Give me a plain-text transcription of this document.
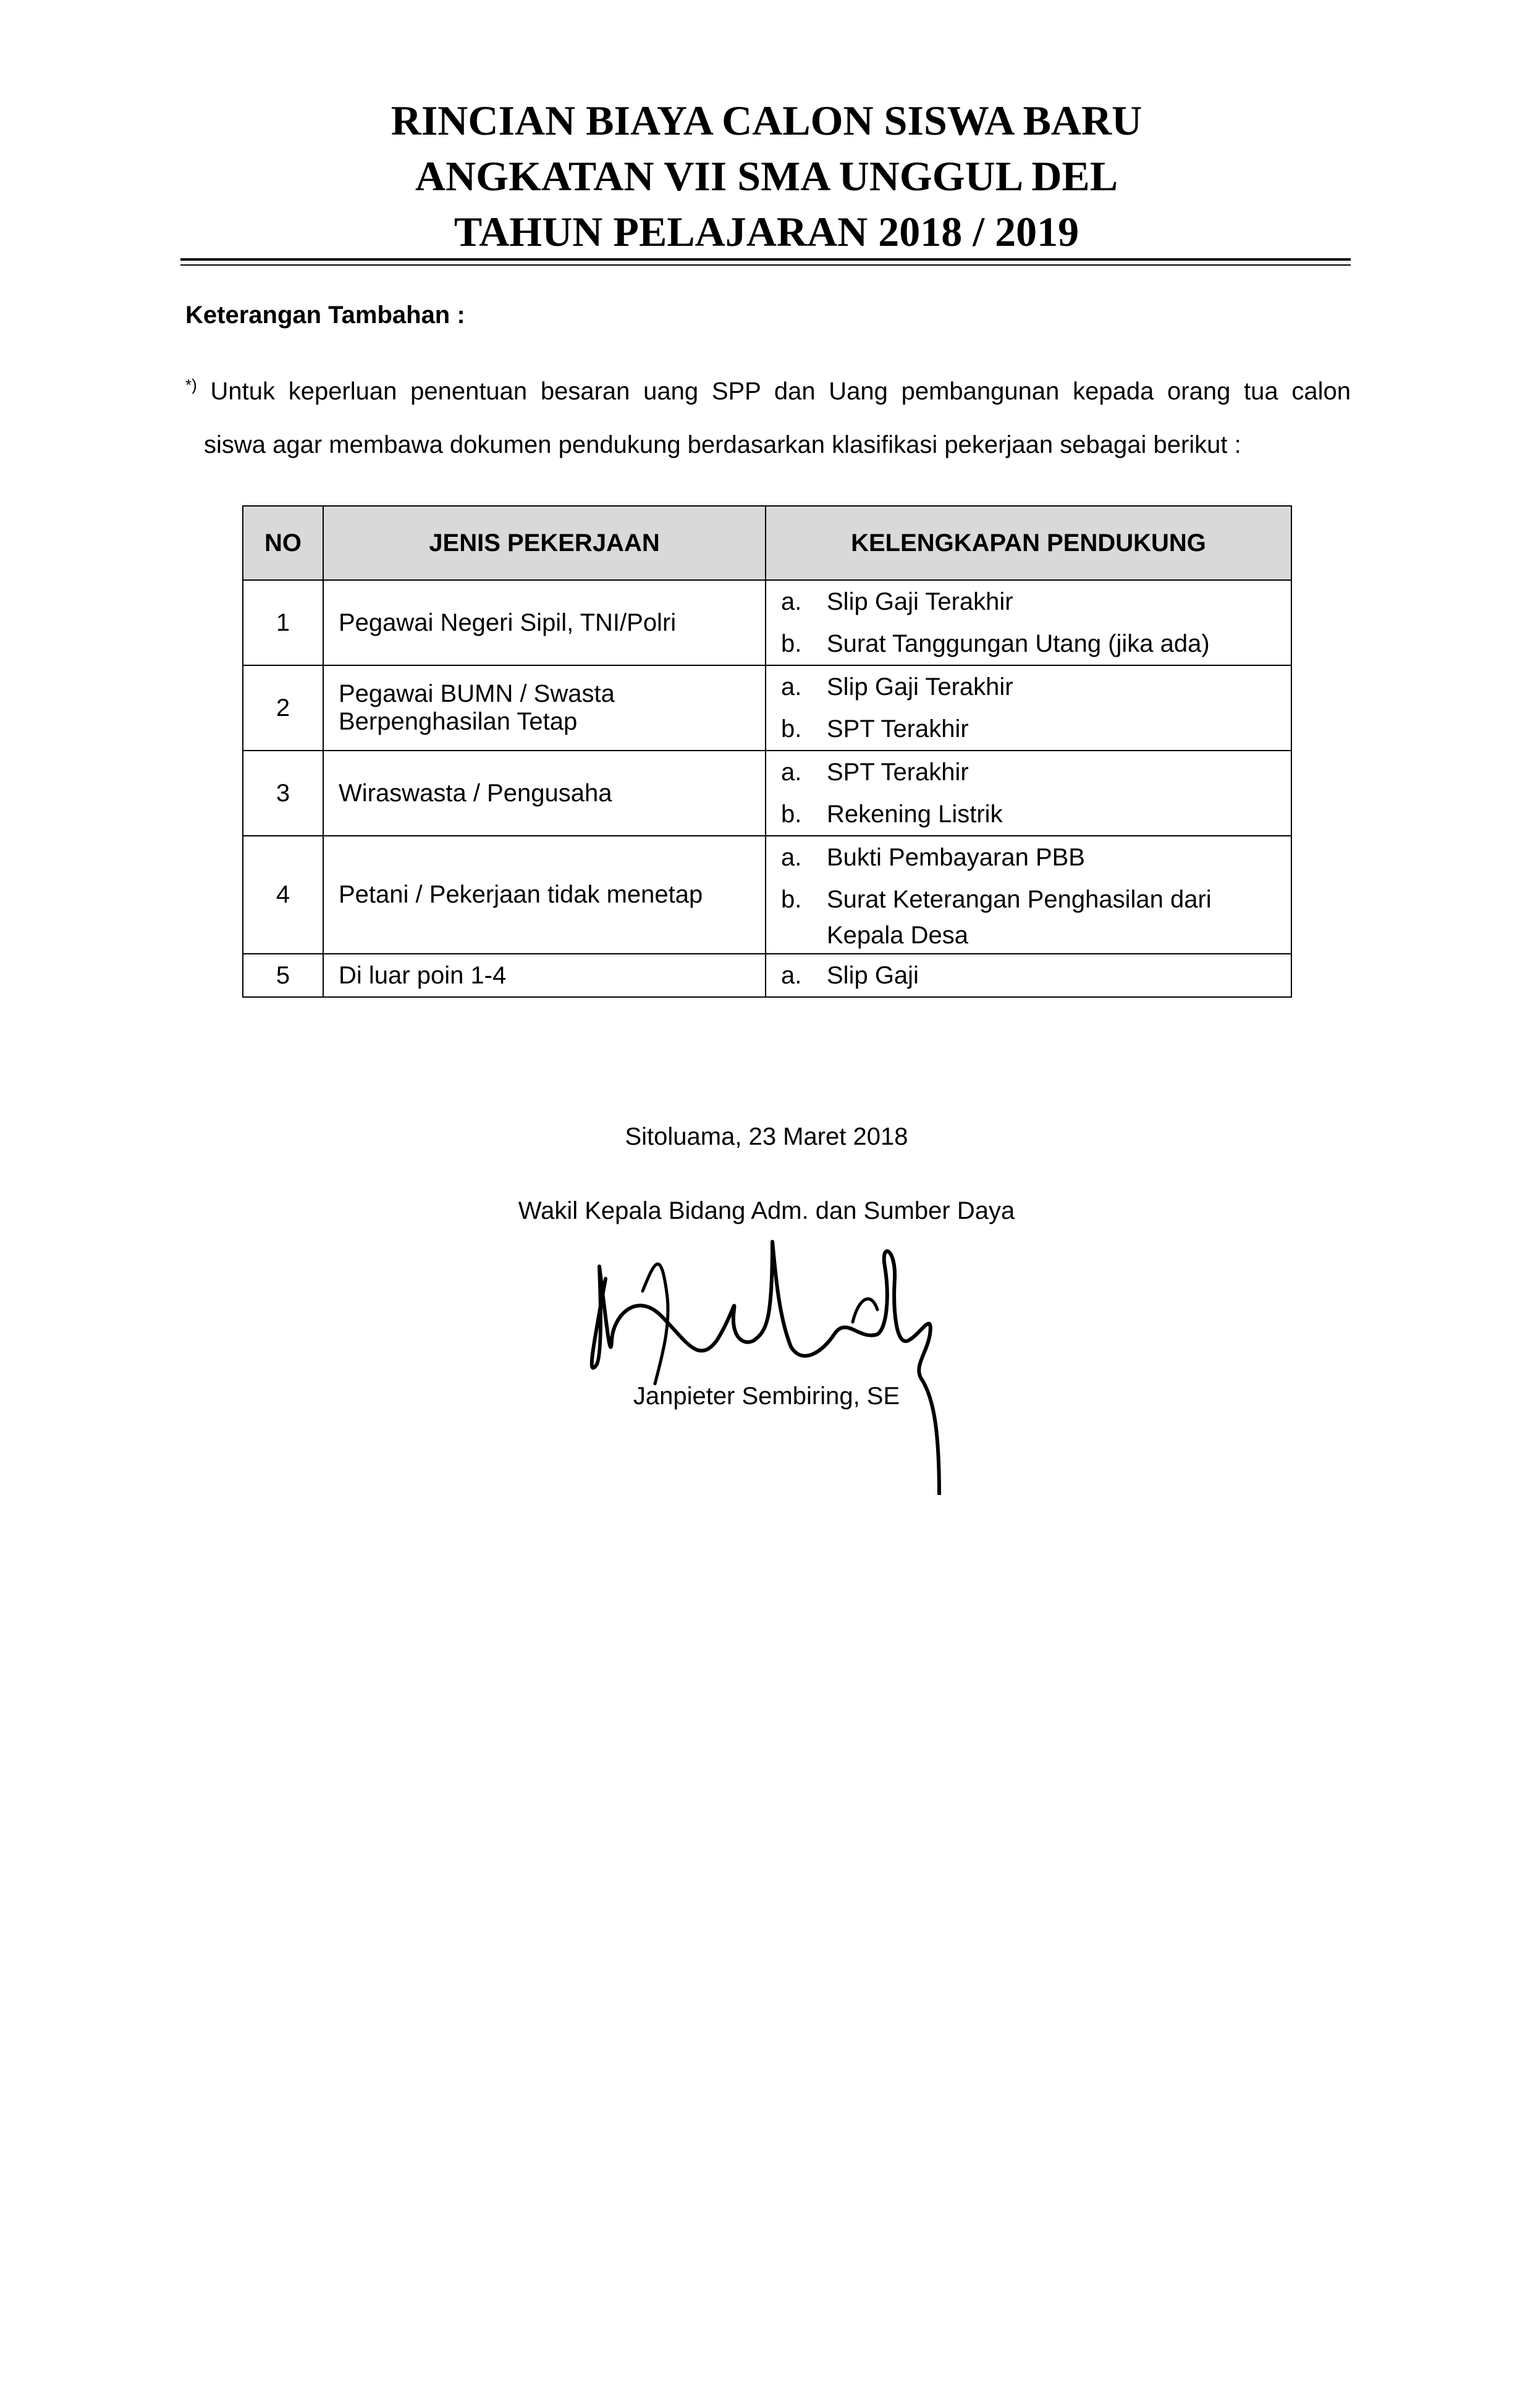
RINCIAN BIAYA CALON SISWA BARU
ANGKATAN VII SMA UNGGUL DEL
TAHUN PELAJARAN 2018 / 2019
Keterangan Tambahan :
*) Untuk keperluan penentuan besaran uang SPP dan Uang pembangunan kepada orang tua calon
siswa agar membawa dokumen pendukung berdasarkan klasifikasi pekerjaan sebagai berikut :
NO	JENIS PEKERJAAN	KELENGKAPAN PENDUKUNG
1	Pegawai Negeri Sipil, TNI/Polri	a. Slip Gaji Terakhir
b. Surat Tanggungan Utang (jika ada)

2	Pegawai BUMN / Swasta Berpenghasilan Tetap	a. Slip Gaji Terakhir
b. SPT Terakhir

3	Wiraswasta / Pengusaha	a. SPT Terakhir
b. Rekening Listrik

4	Petani / Pekerjaan tidak menetap	a. Bukti Pembayaran PBB
b. Surat Keterangan Penghasilan dari Kepala Desa

5	Di luar poin 1-4	a. Slip Gaji
Sitoluama, 23 Maret 2018
Wakil Kepala Bidang Adm. dan Sumber Daya
Janpieter Sembiring, SE
